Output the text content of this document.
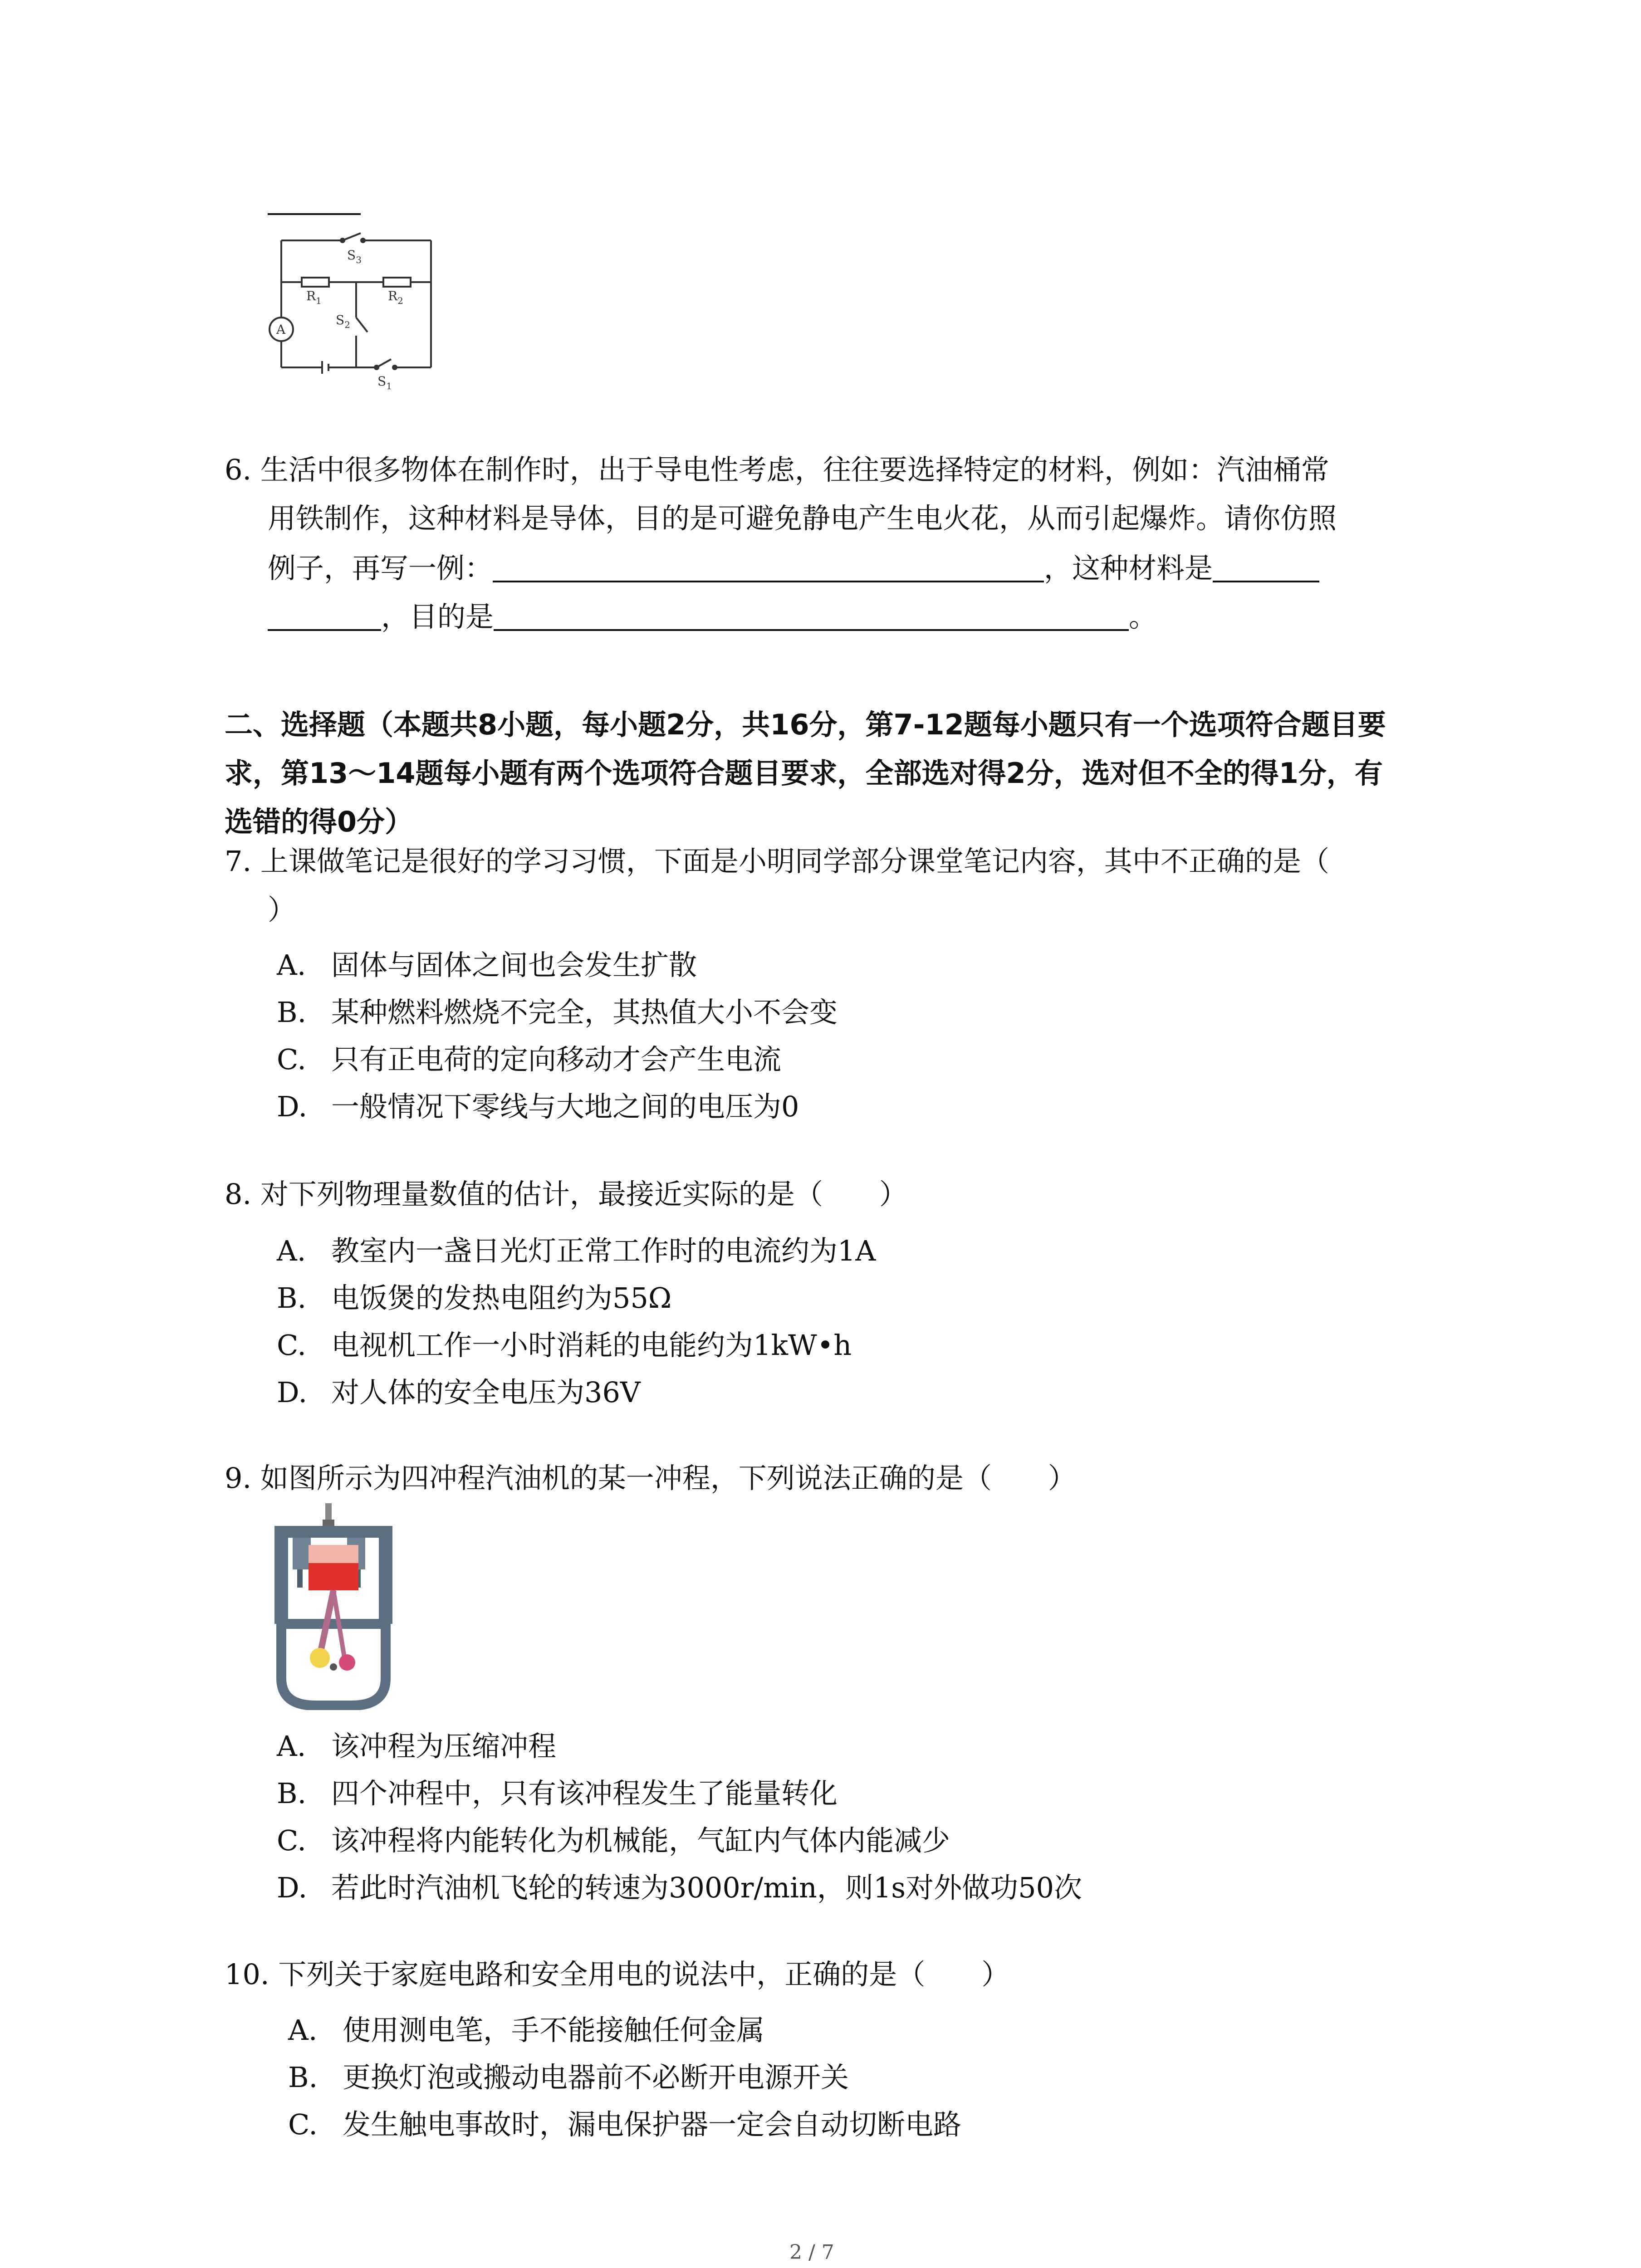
$S_3$
$R_1$	$R_2$
$S_2$
$S_1$
A
6. 生活中很多物体在制作时，出于导电性考虑，往往要选择特定的材料，例如：汽油桶常
用铁制作，这种材料是导体，目的是可避免静电产生电火花，从而引起爆炸。请你仿照
例子，再写一例：	，这种材料是
，目的是	。
二、选择题（本题共8小题，每小题2分，共16分，第7-12题每小题只有一个选项符合题目要
求，第13～14题每小题有两个选项符合题目要求，全部选对得2分，选对但不全的得1分，有
选错的得0分）
7. 上课做笔记是很好的学习习惯，下面是小明同学部分课堂笔记内容，其中不正确的是（
）
A. 固体与固体之间也会发生扩散
B. 某种燃料燃烧不完全，其热值大小不会变
C. 只有正电荷的定向移动才会产生电流
D. 一般情况下零线与大地之间的电压为0
8. 对下列物理量数值的估计，最接近实际的是（　　）
A. 教室内一盏日光灯正常工作时的电流约为1A
B. 电饭煲的发热电阻约为55Ω
C. 电视机工作一小时消耗的电能约为1kW•h
D. 对人体的安全电压为36V
9. 如图所示为四冲程汽油机的某一冲程，下列说法正确的是（　　）
A. 该冲程为压缩冲程
B. 四个冲程中，只有该冲程发生了能量转化
C. 该冲程将内能转化为机械能，气缸内气体内能减少
D. 若此时汽油机飞轮的转速为3000r/min，则1s对外做功50次
10. 下列关于家庭电路和安全用电的说法中，正确的是（　　）
A. 使用测电笔，手不能接触任何金属
B. 更换灯泡或搬动电器前不必断开电源开关
C. 发生触电事故时，漏电保护器一定会自动切断电路
2 / 7
